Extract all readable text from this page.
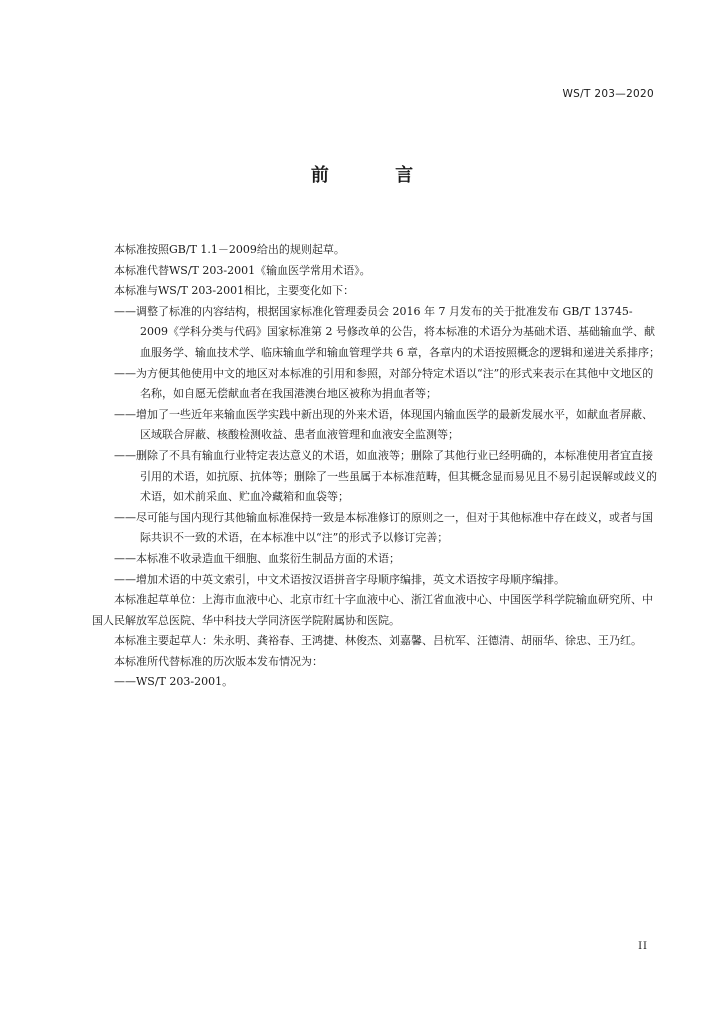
WS/T 203—2020
前 言

本标准按照GB/T 1.1－2009给出的规则起草。

本标准代替WS/T 203-2001《输血医学常用术语》。

本标准与WS/T 203-2001相比，主要变化如下：

——调整了标准的内容结构，根据国家标准化管理委员会 2016 年 7 月发布的关于批准发布 GB/T 13745-2009《学科分类与代码》国家标准第 2 号修改单的公告，将本标准的术语分为基础术语、基础输血学、献血服务学、输血技术学、临床输血学和输血管理学共 6 章，各章内的术语按照概念的逻辑和递进关系排序；

——为方便其他使用中文的地区对本标准的引用和参照，对部分特定术语以“注”的形式来表示在其他中文地区的名称，如自愿无偿献血者在我国港澳台地区被称为捐血者等；

——增加了一些近年来输血医学实践中新出现的外来术语，体现国内输血医学的最新发展水平，如献血者屏蔽、区域联合屏蔽、核酸检测收益、患者血液管理和血液安全监测等；

——删除了不具有输血行业特定表达意义的术语，如血液等；删除了其他行业已经明确的，本标准使用者宜直接引用的术语，如抗原、抗体等；删除了一些虽属于本标准范畴，但其概念显而易见且不易引起误解或歧义的术语，如术前采血、贮血冷藏箱和血袋等；

——尽可能与国内现行其他输血标准保持一致是本标准修订的原则之一，但对于其他标准中存在歧义，或者与国际共识不一致的术语，在本标准中以“注”的形式予以修订完善；

——本标准不收录造血干细胞、血浆衍生制品方面的术语；

——增加术语的中英文索引，中文术语按汉语拼音字母顺序编排，英文术语按字母顺序编排。

本标准起草单位：上海市血液中心、北京市红十字血液中心、浙江省血液中心、中国医学科学院输血研究所、中国人民解放军总医院、华中科技大学同济医学院附属协和医院。

本标准主要起草人：朱永明、龚裕春、王鸿捷、林俊杰、刘嘉馨、吕杭军、汪德清、胡丽华、徐忠、王乃红。

本标准所代替标准的历次版本发布情况为：

——WS/T 203-2001。

II
